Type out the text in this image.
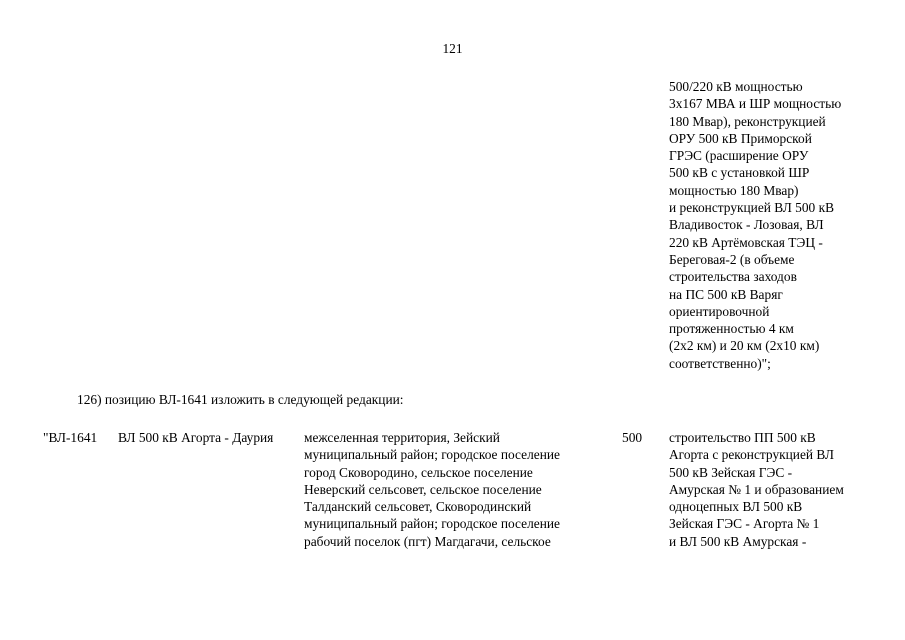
121
500/220 кВ мощностью
3x167 МВА и ШР мощностью
180 Мвар), реконструкцией
ОРУ 500 кВ Приморской
ГРЭС (расширение ОРУ
500 кВ с установкой ШР
мощностью 180 Мвар)
и реконструкцией ВЛ 500 кВ
Владивосток - Лозовая, ВЛ
220 кВ Артёмовская ТЭЦ -
Береговая-2 (в объеме
строительства заходов
на ПС 500 кВ Варяг
ориентировочной
протяженностью 4 км
(2x2 км) и 20 км (2x10 км)
соответственно)";
126) позицию ВЛ-1641 изложить в следующей редакции:
"ВЛ-1641 ВЛ 500 кВ Агорта - Даурия межселенная территория, Зейский
муниципальный район; городское поселение
город Сковородино, сельское поселение
Неверский сельсовет, сельское поселение
Талданский сельсовет, Сковородинский
муниципальный район; городское поселение
рабочий поселок (пгт) Магдагачи, сельское
500 строительство ПП 500 кВ
Агорта с реконструкцией ВЛ
500 кВ Зейская ГЭС -
Амурская № 1 и образованием
одноцепных ВЛ 500 кВ
Зейская ГЭС - Агорта № 1
и ВЛ 500 кВ Амурская -
